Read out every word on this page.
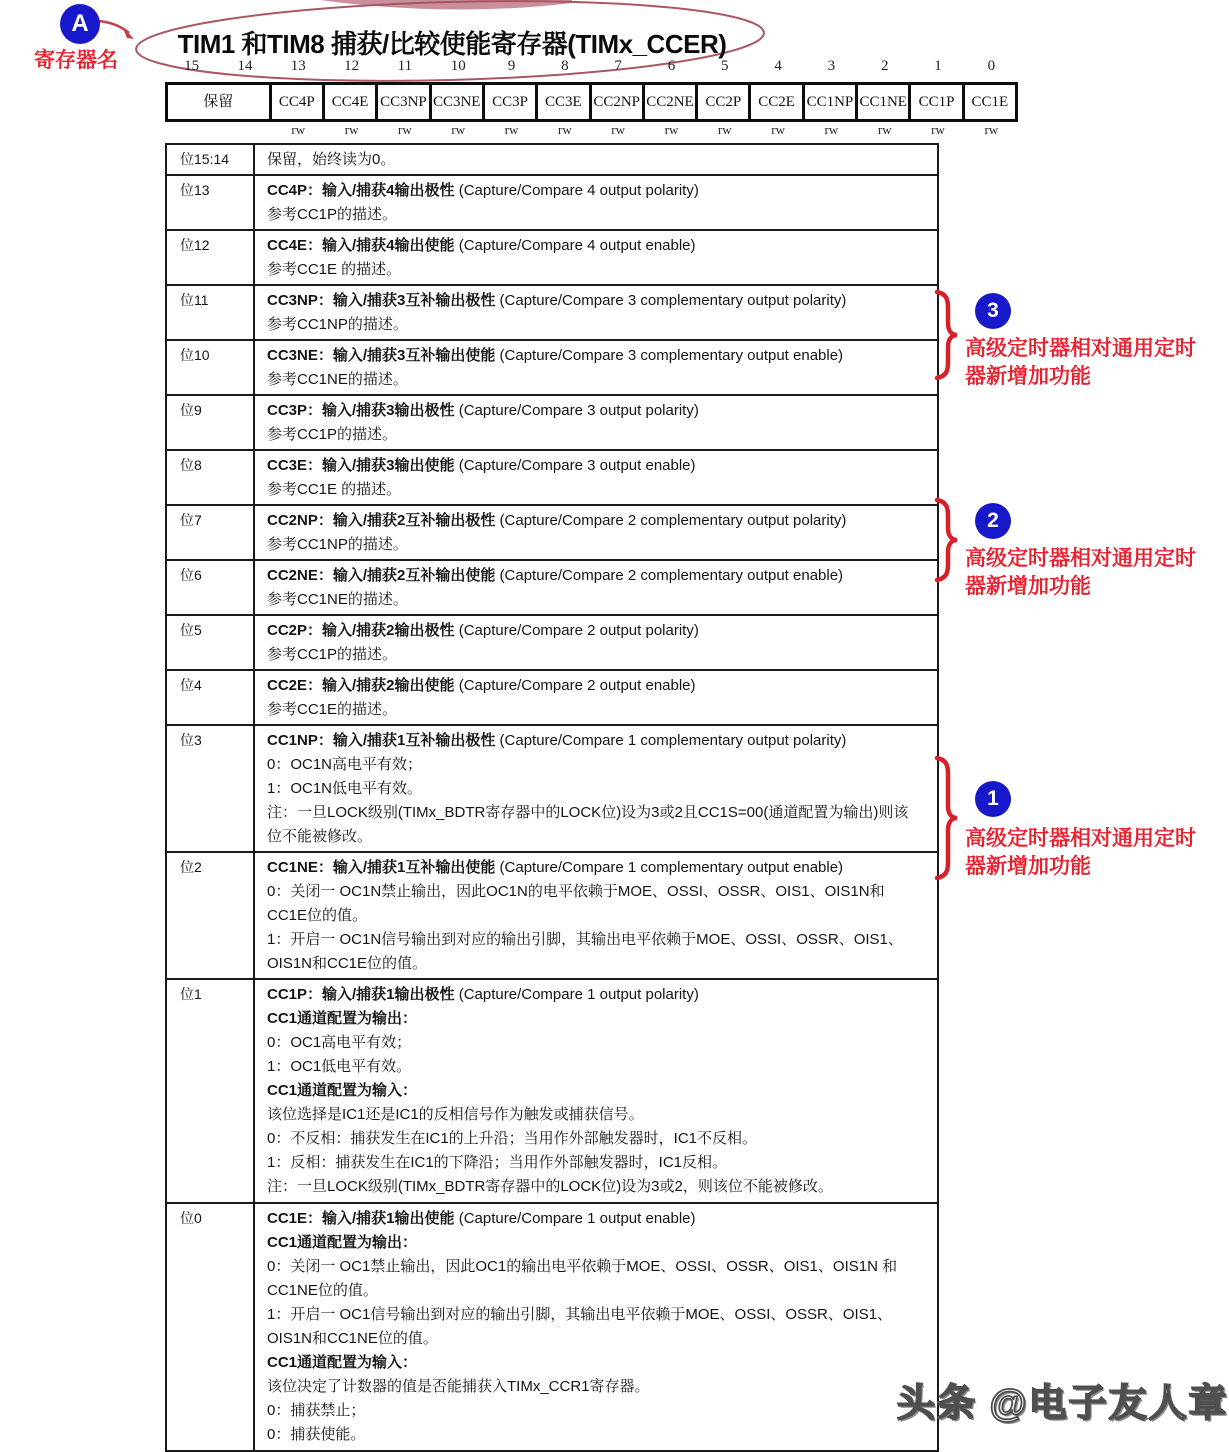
A
寄存器名
TIM1 和TIM8 捕获/比较使能寄存器(TIMx_CCER)
15	14	13	12	11	10	9	8	7	6	5	4	3	2	1	0
保留	CC4P	CC4E CC3NP CC3NE CC3P	CC3E CC2NP CC2NE CC2P	CC2E CC1NP CC1NE CC1P	CC1E
rw	rw	rw	rw	rw	rw	rw	rw	rw	rw	rw	rw	rw	rw
位15:14	保留，始终读为0。
位13	CC4P：输入/捕获4输出极性 (Capture/Compare 4 output polarity)
参考CC1P的描述。
位12	CC4E：输入/捕获4输出使能 (Capture/Compare 4 output enable)
参考CC1E 的描述。
位11	CC3NP：输入/捕获3互补输出极性 (Capture/Compare 3 complementary output polarity)
参考CC1NP的描述。
位10	CC3NE：输入/捕获3互补输出使能 (Capture/Compare 3 complementary output enable)
参考CC1NE的描述。
位9	CC3P：输入/捕获3输出极性 (Capture/Compare 3 output polarity)
参考CC1P的描述。
位8	CC3E：输入/捕获3输出使能 (Capture/Compare 3 output enable)
参考CC1E 的描述。
位7	CC2NP：输入/捕获2互补输出极性 (Capture/Compare 2 complementary output polarity)
参考CC1NP的描述。
位6	CC2NE：输入/捕获2互补输出使能 (Capture/Compare 2 complementary output enable)
参考CC1NE的描述。
位5	CC2P：输入/捕获2输出极性 (Capture/Compare 2 output polarity)
参考CC1P的描述。
位4	CC2E：输入/捕获2输出使能 (Capture/Compare 2 output enable)
参考CC1E的描述。
位3	CC1NP：输入/捕获1互补输出极性 (Capture/Compare 1 complementary output polarity)
0：OC1N高电平有效；
1：OC1N低电平有效。
注：一旦LOCK级别(TIMx_BDTR寄存器中的LOCK位)设为3或2且CC1S=00(通道配置为输出)则该位不能被修改。
位2	CC1NE：输入/捕获1互补输出使能 (Capture/Compare 1 complementary output enable)
0：关闭一 OC1N禁止输出，因此OC1N的电平依赖于MOE、OSSI、OSSR、OIS1、OIS1N和CC1E位的值。
1：开启一 OC1N信号输出到对应的输出引脚，其输出电平依赖于MOE、OSSI、OSSR、OIS1、OIS1N和CC1E位的值。
位1	CC1P：输入/捕获1输出极性 (Capture/Compare 1 output polarity)
CC1通道配置为输出：
0：OC1高电平有效；
1：OC1低电平有效。
CC1通道配置为输入：
该位选择是IC1还是IC1的反相信号作为触发或捕获信号。
0：不反相：捕获发生在IC1的上升沿；当用作外部触发器时，IC1不反相。
1：反相：捕获发生在IC1的下降沿；当用作外部触发器时，IC1反相。
注：一旦LOCK级别(TIMx_BDTR寄存器中的LOCK位)设为3或2，则该位不能被修改。
位0	CC1E：输入/捕获1输出使能 (Capture/Compare 1 output enable)
CC1通道配置为输出：
0：关闭一 OC1禁止输出，因此OC1的输出电平依赖于MOE、OSSI、OSSR、OIS1、OIS1N 和CC1NE位的值。
1：开启一 OC1信号输出到对应的输出引脚，其输出电平依赖于MOE、OSSI、OSSR、OIS1、OIS1N和CC1NE位的值。
CC1通道配置为输入：
该位决定了计数器的值是否能捕获入TIMx_CCR1寄存器。
0：捕获禁止；
0：捕获使能。
3
高级定时器相对通用定时器新增加功能
2
高级定时器相对通用定时器新增加功能
1
高级定时器相对通用定时器新增加功能
头条 @电子友人章
